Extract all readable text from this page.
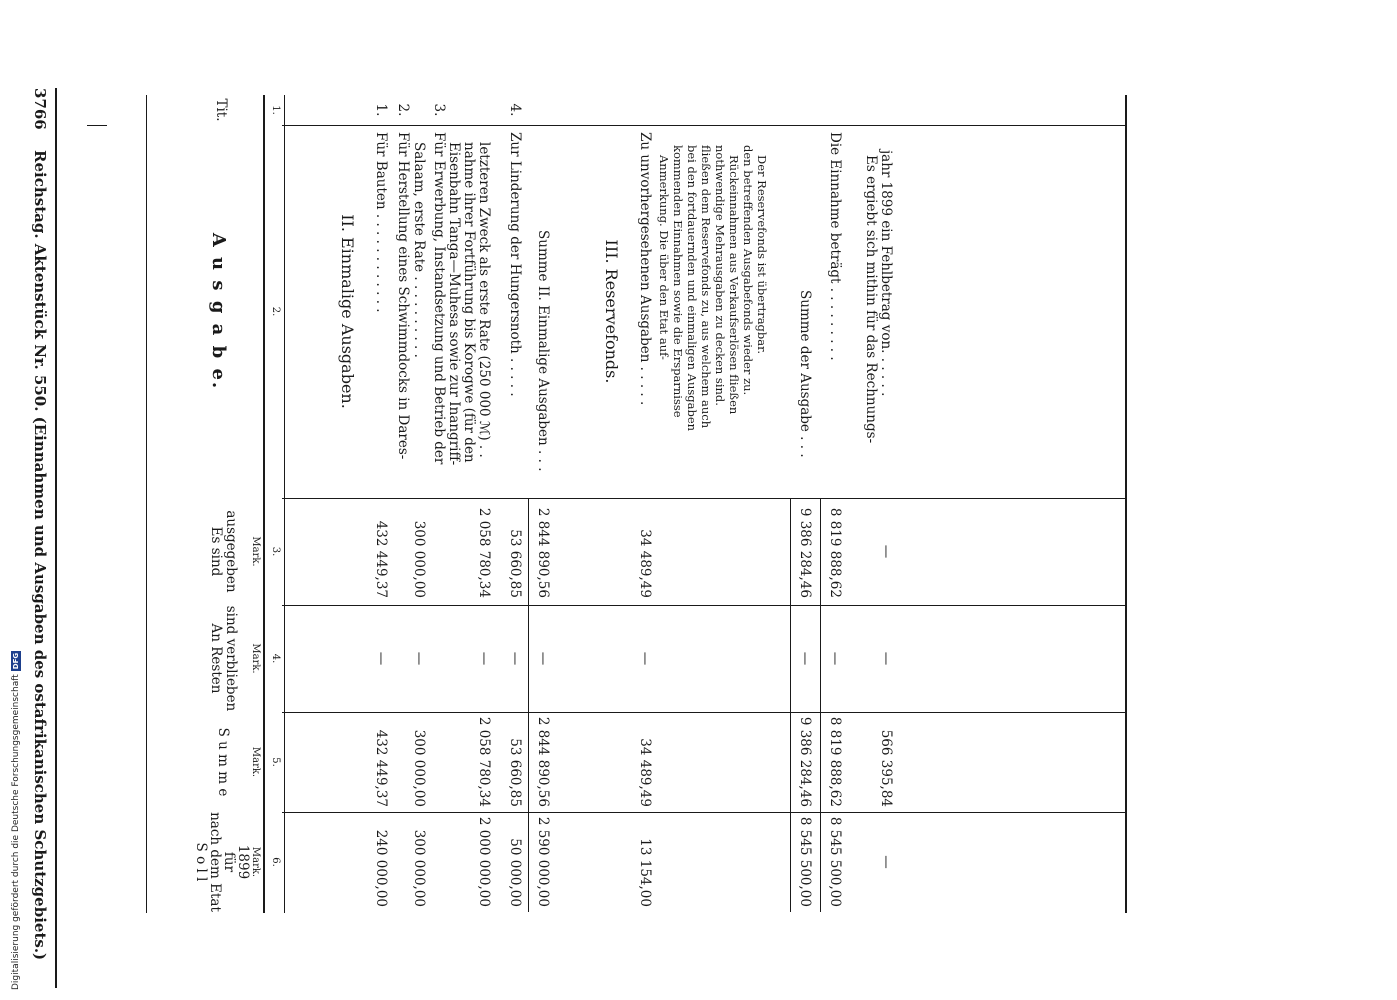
3766
Reichstag. Aktenstück Nr. 550. (Einnahmen und Ausgaben des ostafrikanischen Schutzgebiets.)
1.
2.
3.
4.
5.
6.
Tit.
A u s g a b e.
Es sind ausgegeben
An Resten sind verblieben
S u m m e
S o l l
nach dem Etat
für
1899
Mark.
Mark.
Mark.
Mark.
II. Einmalige Ausgaben.
1.
Für Bauten . . . . . . . . . . . .
432 449,37
—
432 449,37
240 000,00
2.
Für Herstellung eines Schwimmdocks in Dares- Salaam, erste Rate . . . . . . . . . .
300 000,00
—
300 000,00
300 000,00
3.
Für Erwerbung, Instandsetzung und Betrieb der Eisenbahn Tanga—Muhesa sowie zur Inangriff- nahme ihrer Fortführung bis Korogwe (für den letzteren Zweck als erste Rate (250 000 ℳ) . .
2 058 780,34
—
2 058 780,34
2 000 000,00
4.
Zur Linderung der Hungersnoth . . . . .
53 660,85
—
53 660,85
50 000,00
Summe II. Einmalige Ausgaben . . .
2 844 890,56
—
2 844 890,56
2 590 000,00
III. Reservefonds. Zu unvorhergesehenen Ausgaben . . . . .
34 489,49
—
34 489,49
13 154,00
Anmerkung. Die über den Etat auf- kommenden Einnahmen sowie die Ersparnisse bei den fortdauernden und einmaligen Ausgaben fließen dem Reservefonds zu, aus welchem auch nothwendige Mehrausgaben zu decken sind. Rückeinnahmen aus Verkaufserlösen fließen den betreffenden Ausgabefonds wieder zu. Der Reservefonds ist übertragbar.
Summe der Ausgabe . . .
9 386 284,46
—
9 386 284,46
8 545 500,00
Die Einnahme beträgt . . . . . . . . .
8 819 888,62
—
8 819 888,62
8 545 500,00
Es ergiebt sich mithin für das Rechnungs- jahr 1899 ein Fehlbetrag von. . . . . .
—
—
566 395,84
—
Digitalisierung gefördert durch die Deutsche ForschungsgemeinschaftDFG
